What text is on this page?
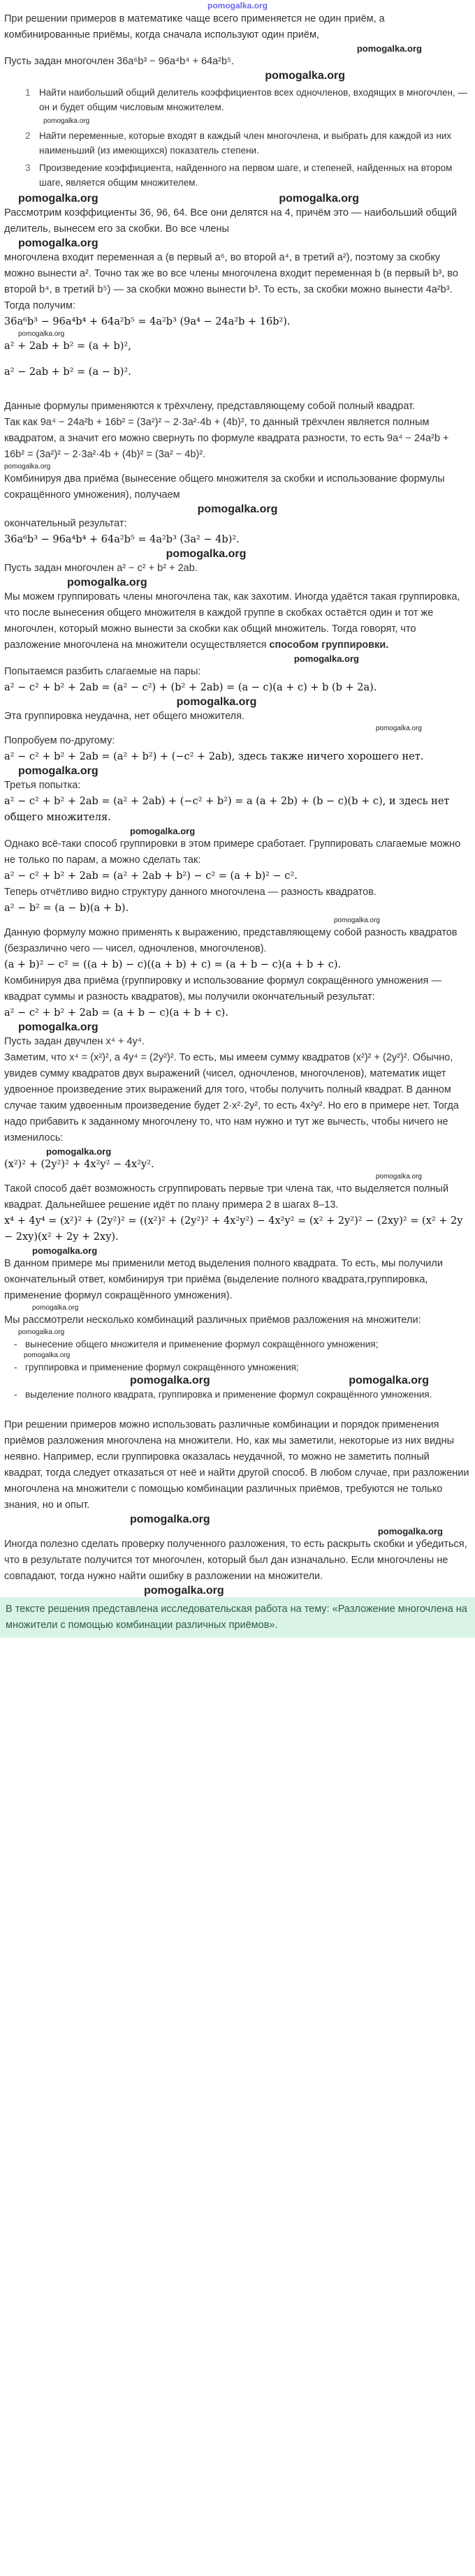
pomogalka.org

При решении примеров в математике чаще всего применяется не один приём, а комбинированные приёмы, когда сначала используют один приём,

pomogalka.org

Пусть задан многочлен 36a⁶b³ − 96a⁴b⁴ + 64a²b⁵.

pomogalka.org
1 Найти наибольший общий делитель коэффициентов всех одночленов, входящих в многочлен, — он и будет общим числовым множителем.
pomogalka.org
2 Найти переменные, которые входят в каждый член многочлена, и выбрать для каждой из них наименьший (из имеющихся) показатель степени.
3 Произведение коэффициента, найденного на первом шаге, и степеней, найденных на втором шаге, является общим множителем.
pomogalka.org	pomogalka.org

Рассмотрим коэффициенты 36, 96, 64. Все они делятся на 4, причём это — наибольший общий делитель, вынесем его за скобки. Во все члены

pomogalka.org

многочлена входит переменная a (в первый a⁶, во второй a⁴, в третий a²), поэтому за скобку можно вынести a². Точно так же во все члены многочлена входит переменная b (в первый b³, во второй b⁴, в третий b⁵) — за скобки можно вынести b³. То есть, за скобки можно вынести 4a²b³. Тогда получим:

36a⁶b³ − 96a⁴b⁴ + 64a²b⁵ = 4a²b³ (9a⁴ − 24a²b + 16b²).

pomogalka.org

a² + 2ab + b² = (a + b)²,

a² − 2ab + b² = (a − b)².

Данные формулы применяются к трёхчлену, представляющему собой полный квадрат.

Так как 9a⁴ − 24a²b + 16b² = (3a²)² − 2·3a²·4b + (4b)², то данный трёхчлен является полным квадратом, а значит его можно свернуть по формуле квадрата разности, то есть 9a⁴ − 24a²b + 16b² = (3a²)² − 2·3a²·4b + (4b)² = (3a² − 4b)².

pomogalka.org

Комбинируя два приёма (вынесение общего множителя за скобки и использование формулы сокращённого умножения), получаем

pomogalka.org

окончательный результат:

36a⁶b³ − 96a⁴b⁴ + 64a²b⁵ = 4a²b³ (3a² − 4b)².

pomogalka.org

Пусть задан многочлен a² − c² + b² + 2ab.

pomogalka.org

Мы можем группировать члены многочлена так, как захотим. Иногда удаётся такая группировка, что после вынесения общего множителя в каждой группе в скобках остаётся один и тот же многочлен, который можно вынести за скобки как общий множитель. Тогда говорят, что разложение многочлена на множители осуществляется способом группировки.

pomogalka.org

Попытаемся разбить слагаемые на пары:

a² − c² + b² + 2ab = (a² − c²) + (b² + 2ab) = (a − c)(a + c) + b (b + 2a).

pomogalka.org

Эта группировка неудачна, нет общего множителя.

pomogalka.org

Попробуем по-другому:

a² − c² + b² + 2ab = (a² + b²) + (−c² + 2ab), здесь также ничего хорошего нет.

pomogalka.org

Третья попытка:

a² − c² + b² + 2ab = (a² + 2ab) + (−c² + b²) = a (a + 2b) + (b − c)(b + c), и здесь нет общего множителя.

pomogalka.org

Однако всё-таки способ группировки в этом примере сработает. Группировать слагаемые можно не только по парам, а можно сделать так:

a² − c² + b² + 2ab = (a² + 2ab + b²) − c² = (a + b)² − c².

Теперь отчётливо видно структуру данного многочлена — разность квадратов.

a² − b² = (a − b)(a + b).

pomogalka.org

Данную формулу можно применять к выражению, представляющему собой разность квадратов (безразлично чего — чисел, одночленов, многочленов).

(a + b)² − c² = ((a + b) − c)((a + b) + c) = (a + b − c)(a + b + c).

Комбинируя два приёма (группировку и использование формул сокращённого умножения —квадрат суммы и разность квадратов), мы получили окончательный результат:

a² − c² + b² + 2ab = (a + b − c)(a + b + c).

pomogalka.org

Пусть задан двучлен x⁴ + 4y⁴.

Заметим, что x⁴ = (x²)², а 4y⁴ = (2y²)². То есть, мы имеем сумму квадратов (x²)² + (2y²)². Обычно, увидев сумму квадратов двух выражений (чисел, одночленов, многочленов), математик ищет удвоенное произведение этих выражений для того, чтобы получить полный квадрат. В данном случае таким удвоенным произведение будет 2·x²·2y², то есть 4x²y². Но его в примере нет. Тогда надо прибавить к заданному многочлену то, что нам нужно и тут же вычесть, чтобы ничего не изменилось:

pomogalka.org

(x²)² + (2y²)² + 4x²y² − 4x²y².

pomogalka.org

Такой способ даёт возможность сгруппировать первые три члена так, что выделяется полный квадрат. Дальнейшее решение идёт по плану примера 2 в шагах 8–13.

x⁴ + 4y⁴ = (x²)² + (2y²)² = ((x²)² + (2y²)² + 4x²y²) − 4x²y² = (x² + 2y²)² − (2xy)² = (x² + 2y − 2xy)(x² + 2y + 2xy).

pomogalka.org

В данном примере мы применили метод выделения полного квадрата. То есть, мы получили окончательный ответ, комбинируя три приёма (выделение полного квадрата,группировка, применение формул сокращённого умножения).

pomogalka.org

Мы рассмотрели несколько комбинаций различных приёмов разложения на множители:

pomogalka.org
- вынесение общего множителя и применение формул сокращённого умножения;
pomogalka.org
- группировка и применение формул сокращённого умножения;
pomogalka.org	pomogalka.org
- выделение полного квадрата, группировка и применение формул сокращённого умножения.

При решении примеров можно использовать различные комбинации и порядок применения приёмов разложения многочлена на множители. Но, как мы заметили, некоторые из них видны неявно. Например, если группировка оказалась неудачной, то можно не заметить полный квадрат, тогда следует отказаться от неё и найти другой способ. В любом случае, при разложении многочлена на множители с помощью комбинации различных приёмов, требуются не только знания, но и опыт.

pomogalka.org
pomogalka.org

Иногда полезно сделать проверку полученного разложения, то есть раскрыть скобки и убедиться, что в результате получится тот многочлен, который был дан изначально. Если многочлены не совпадают, тогда нужно найти ошибку в разложении на множители.

pomogalka.org
В тексте решения представлена исследовательская работа на тему: «Разложение многочлена на множители с помощью комбинации различных приёмов».
